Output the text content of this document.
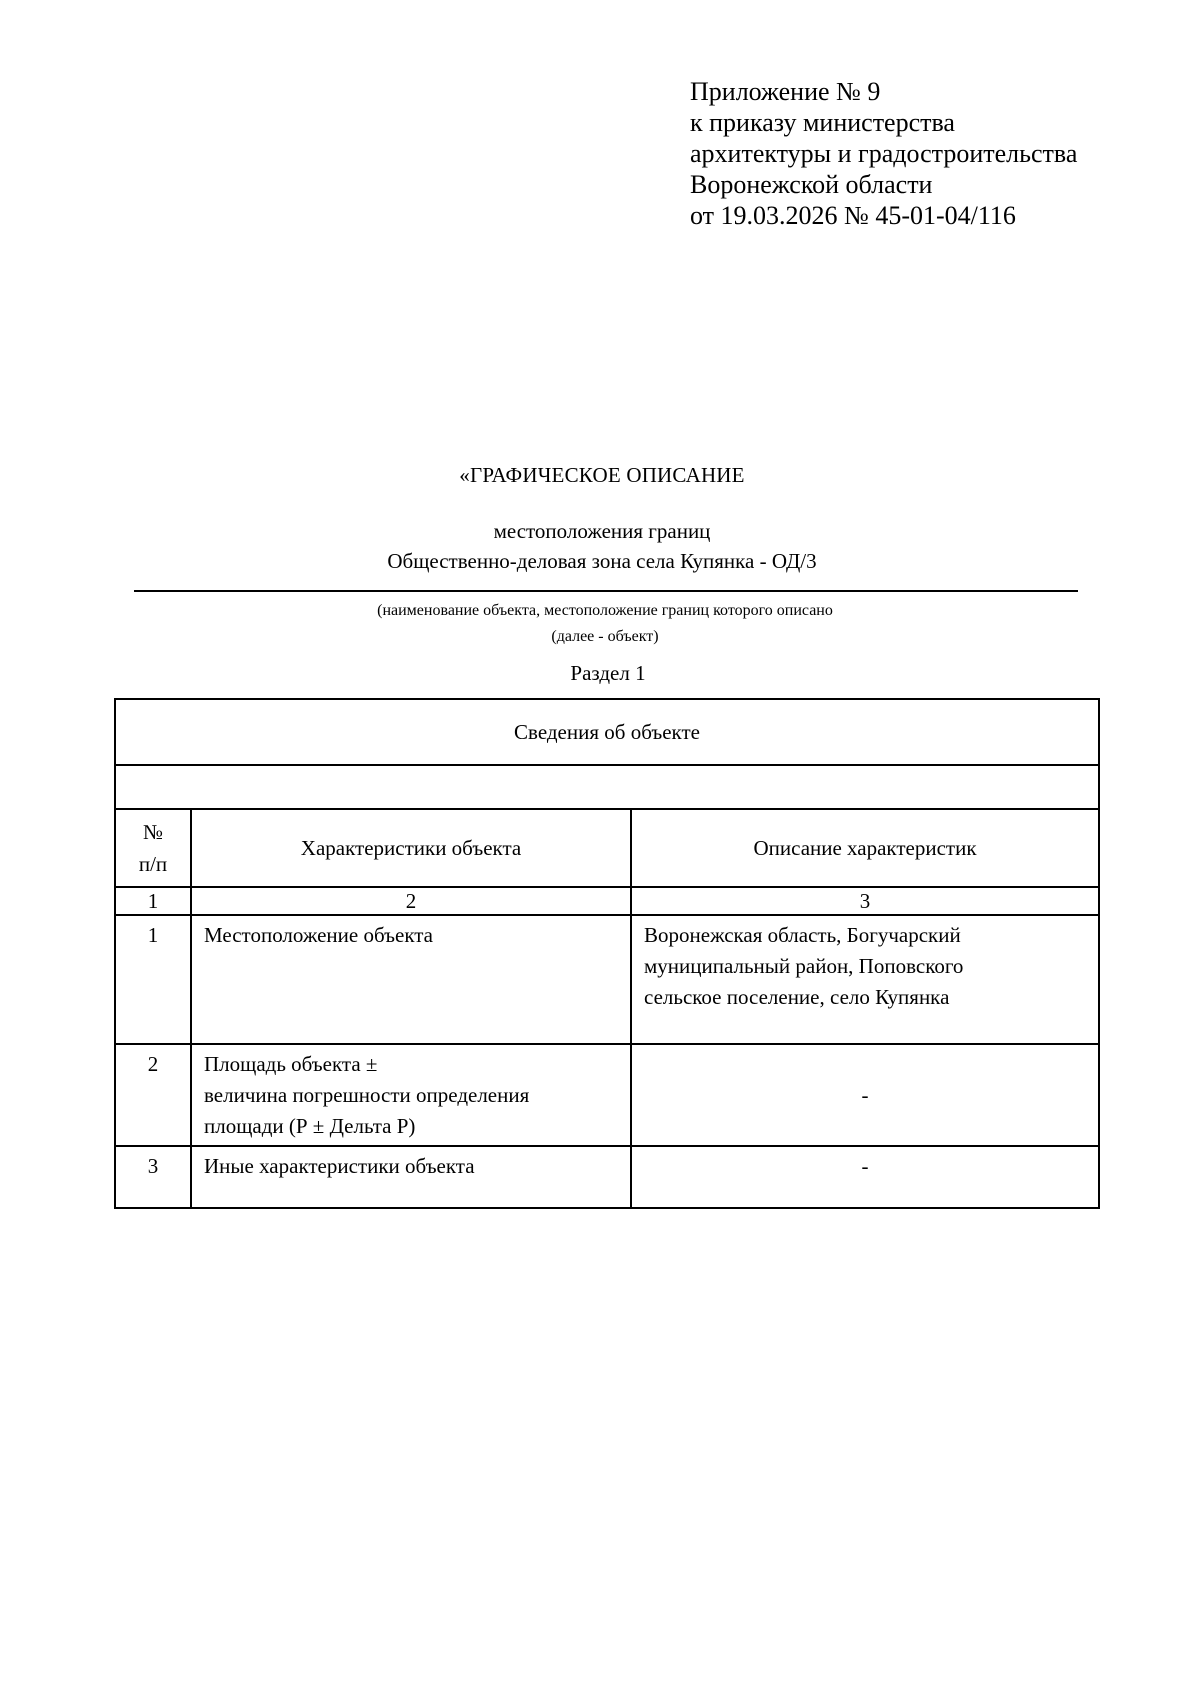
Приложение № 9
к приказу министерства
архитектуры и градостроительства
Воронежской области
от 19.03.2026 № 45-01-04/116
«ГРАФИЧЕСКОЕ ОПИСАНИЕ
местоположения границ
Общественно-деловая зона села Купянка - ОД/3
(наименование объекта, местоположение границ которого описано
(далее - объект)
Раздел 1
Сведения об объекте		

№
п/п	Характеристики объекта	Описание характеристик
1	2	3
1	Местоположение объекта	Воронежская область, Богучарский
муниципальный район, Поповского
сельское поселение, село Купянка

2	Площадь объекта ±
величина погрешности определения
площади (Р ± Дельта Р)	-
3	Иные характеристики объекта	-
